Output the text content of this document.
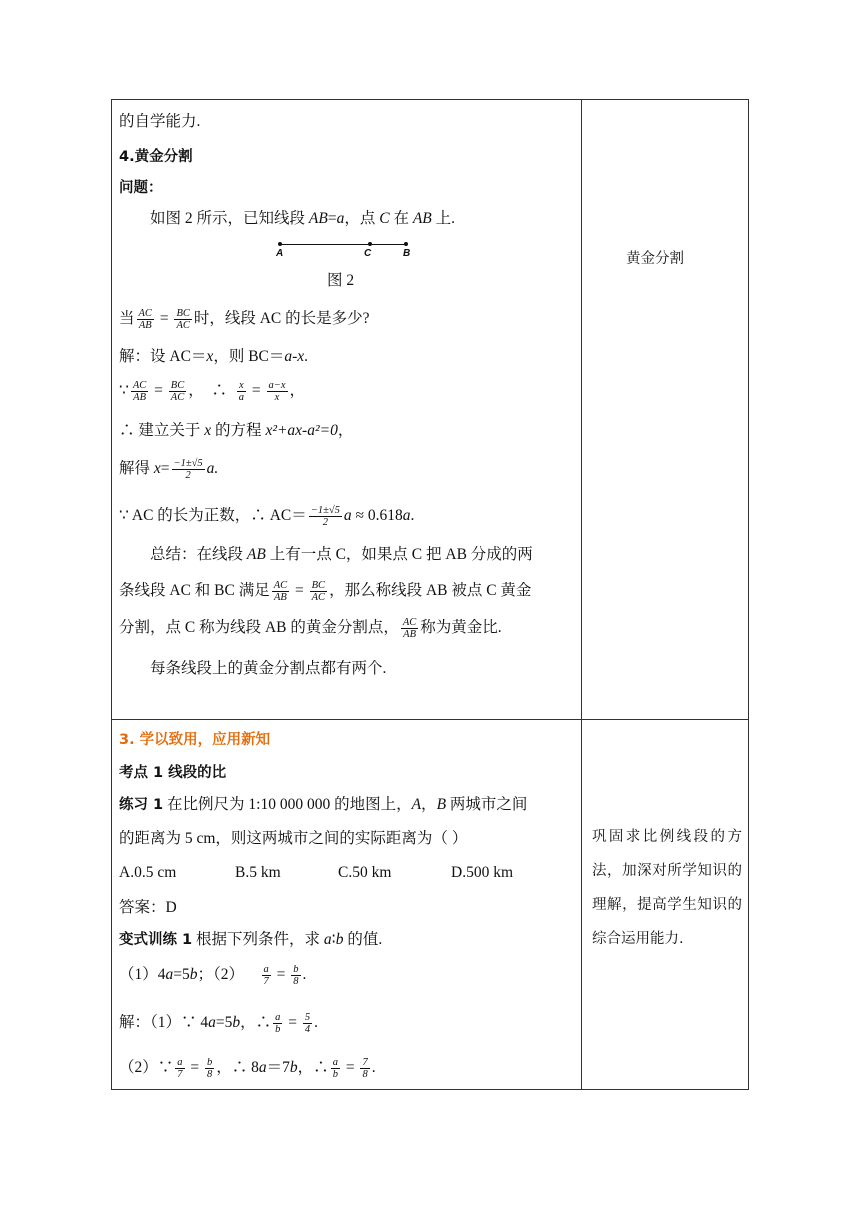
的自学能力.
4.黄金分割
问题：
如图 2 所示，已知线段 AB=a，点 C 在 AB 上.
A	C	B
图 2
当 $\frac{AC}{AB} = \frac{BC}{AC}$ 时，线段 AC 的长是多少?
解：设 AC＝x，则 BC＝a-x.
∵ $\frac{AC}{AB} = \frac{BC}{AC}$ ， ∴ $\frac{x}{a} = \frac{a-x}{x}$ ，
∴ 建立关于 x 的方程 x²+ax-a²=0，
解得 $x= \frac{-1\pm√5}{2} a$.
∵ AC 的长为正数，∴ $AC= \frac{-1\pm√5}{2}$ a ≈ 0.618a.
总结：在线段 AB 上有一点 C，如果点 C 把 AB 分成的两
条线段 AC 和 BC 满足 $\frac{AC}{AB} = \frac{BC}{AC}$ ，那么称线段 AB 被点 C 黄金
分割，点 C 称为线段 AB 的黄金分割点， $\frac{AC}{AB}$ 称为黄金比.
每条线段上的黄金分割点都有两个.
3. 学以致用，应用新知
考点 1 线段的比
练习 1 在比例尺为 1:10 000 000 的地图上，A，B 两城市之间
的距离为 5 cm，则这两城市之间的实际距离为（ ）
A.0.5 cm	B.5 km	C.50 km	D.500 km
答案：D
变式训练 1 根据下列条件，求 a∶b 的值.
（1）4a=5b；$(2) \frac{a}{7} = \frac{b}{8}$ .
解：（1）∵ 4a=5b，∴ $\frac{a}{b} = \frac{5}{4}$ .
（2）∵ $\frac{a}{7} = \frac{b}{8}$ ，∴ 8a＝7b，∴ $\frac{a}{b} = \frac{7}{8}$ .
黄金分割
巩固求比例线段的方法，加深对所学知识的理解，提高学生知识的综合运用能力.
